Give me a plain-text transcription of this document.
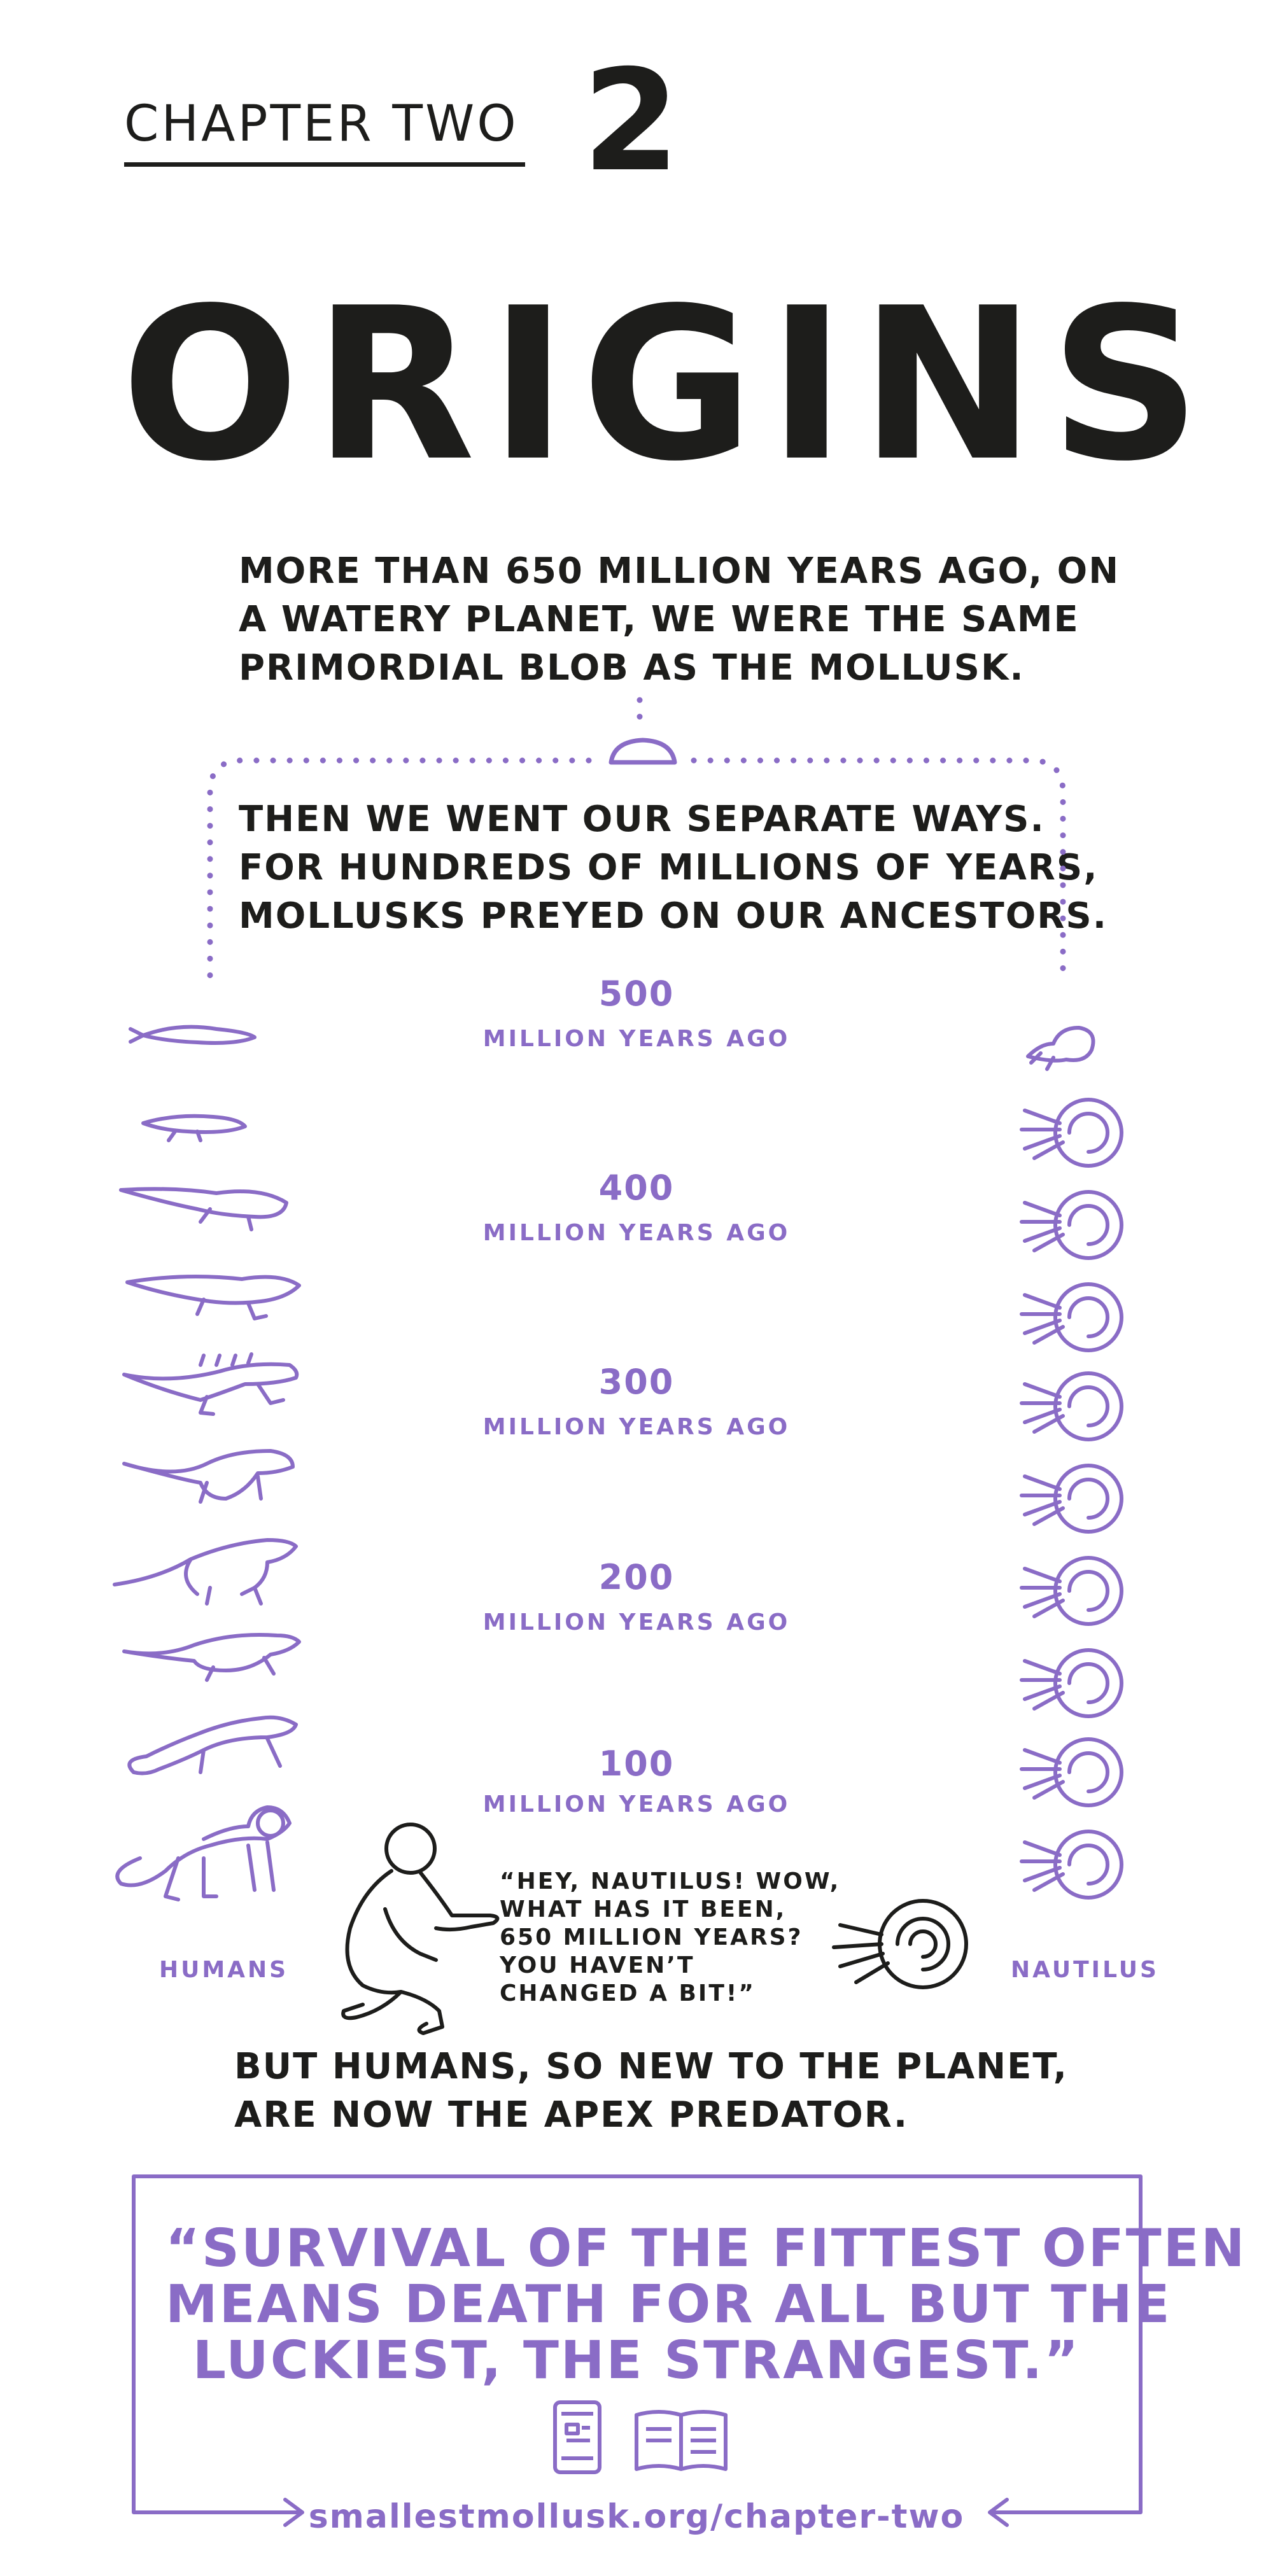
CHAPTER TWO 2
ORIGINS
MORE THAN 650 MILLION YEARS AGO, ON
A WATERY PLANET, WE WERE THE SAME
PRIMORDIAL BLOB AS THE MOLLUSK.
THEN WE WENT OUR SEPARATE WAYS.
FOR HUNDREDS OF MILLIONS OF YEARS,
MOLLUSKS PREYED ON OUR ANCESTORS.
500
MILLION YEARS AGO
400
MILLION YEARS AGO
300
MILLION YEARS AGO
200
MILLION YEARS AGO
100
MILLION YEARS AGO
HUMANS	NAUTILUS
“HEY, NAUTILUS! WOW,
WHAT HAS IT BEEN,
650 MILLION YEARS?
YOU HAVEN’T
CHANGED A BIT!”
BUT HUMANS, SO NEW TO THE PLANET,
ARE NOW THE APEX PREDATOR.
“SURVIVAL OF THE FITTEST OFTEN
MEANS DEATH FOR ALL BUT THE
LUCKIEST, THE STRANGEST.”
smallestmollusk.org/chapter-two
